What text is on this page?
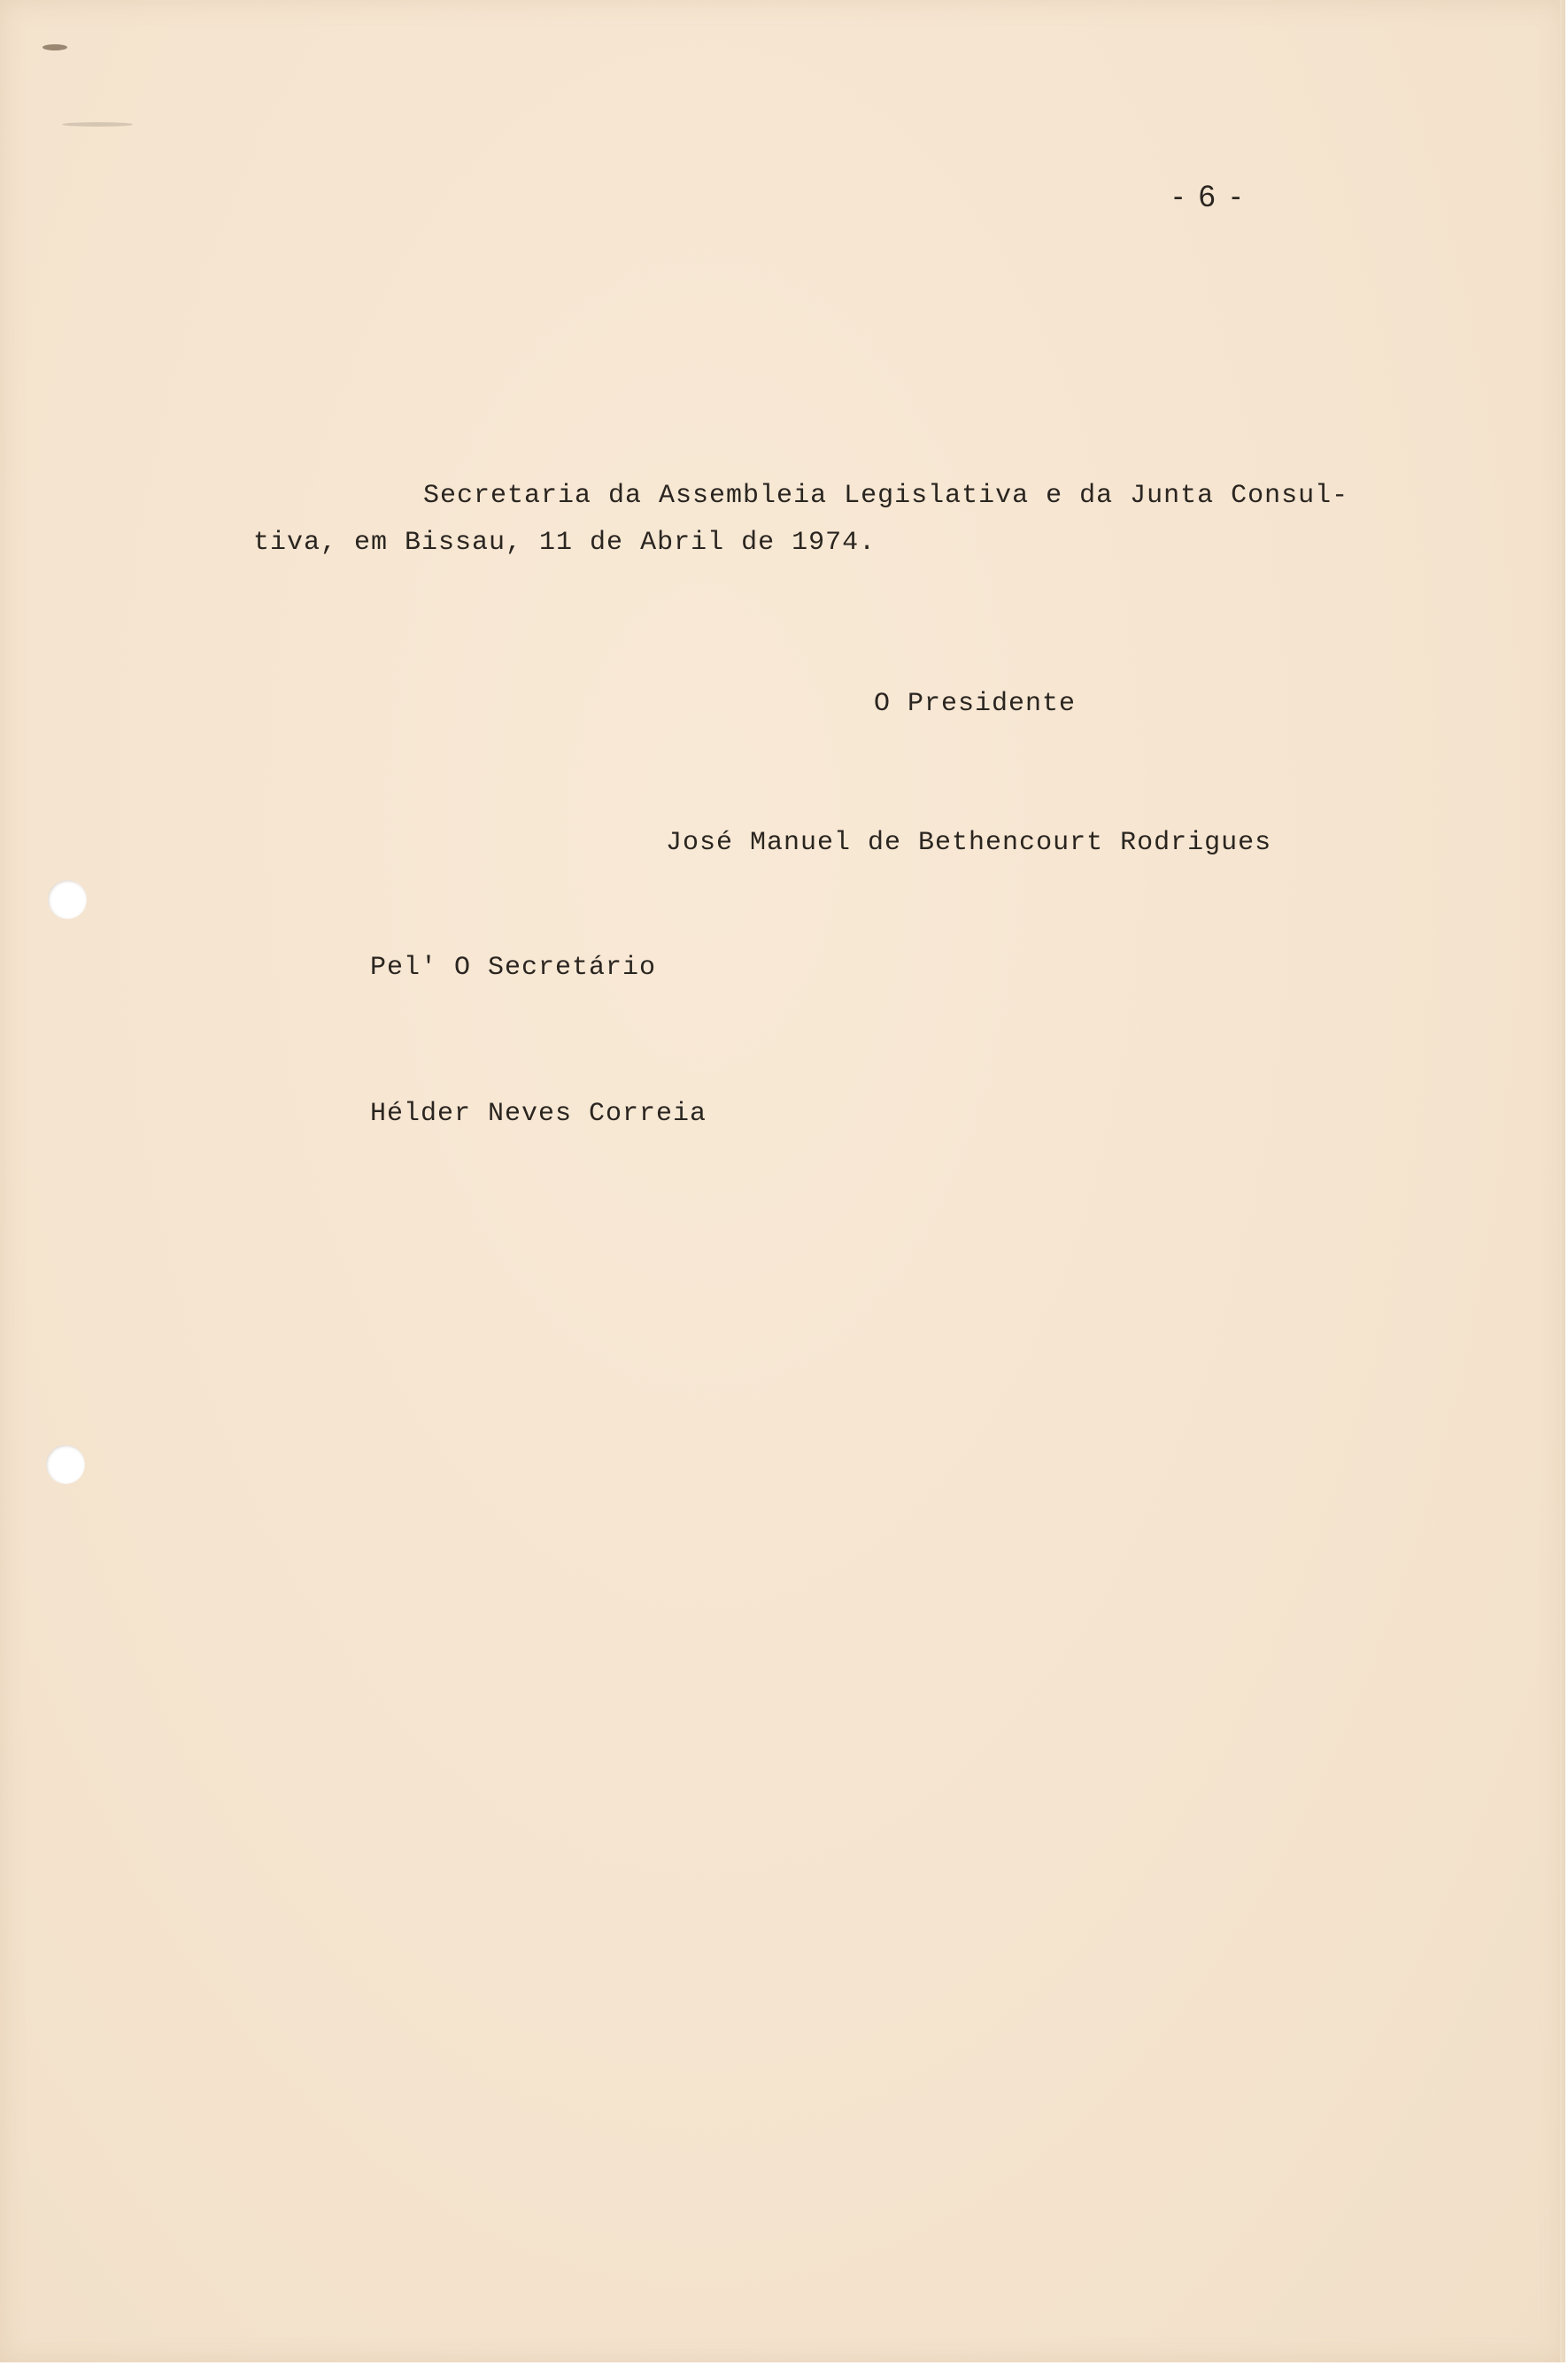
- 6 -
Secretaria da Assembleia Legislativa e da Junta Consul-
tiva, em Bissau, 11 de Abril de 1974.
O Presidente
José Manuel de Bethencourt Rodrigues
Pel' O Secretário
Hélder Neves Correia
